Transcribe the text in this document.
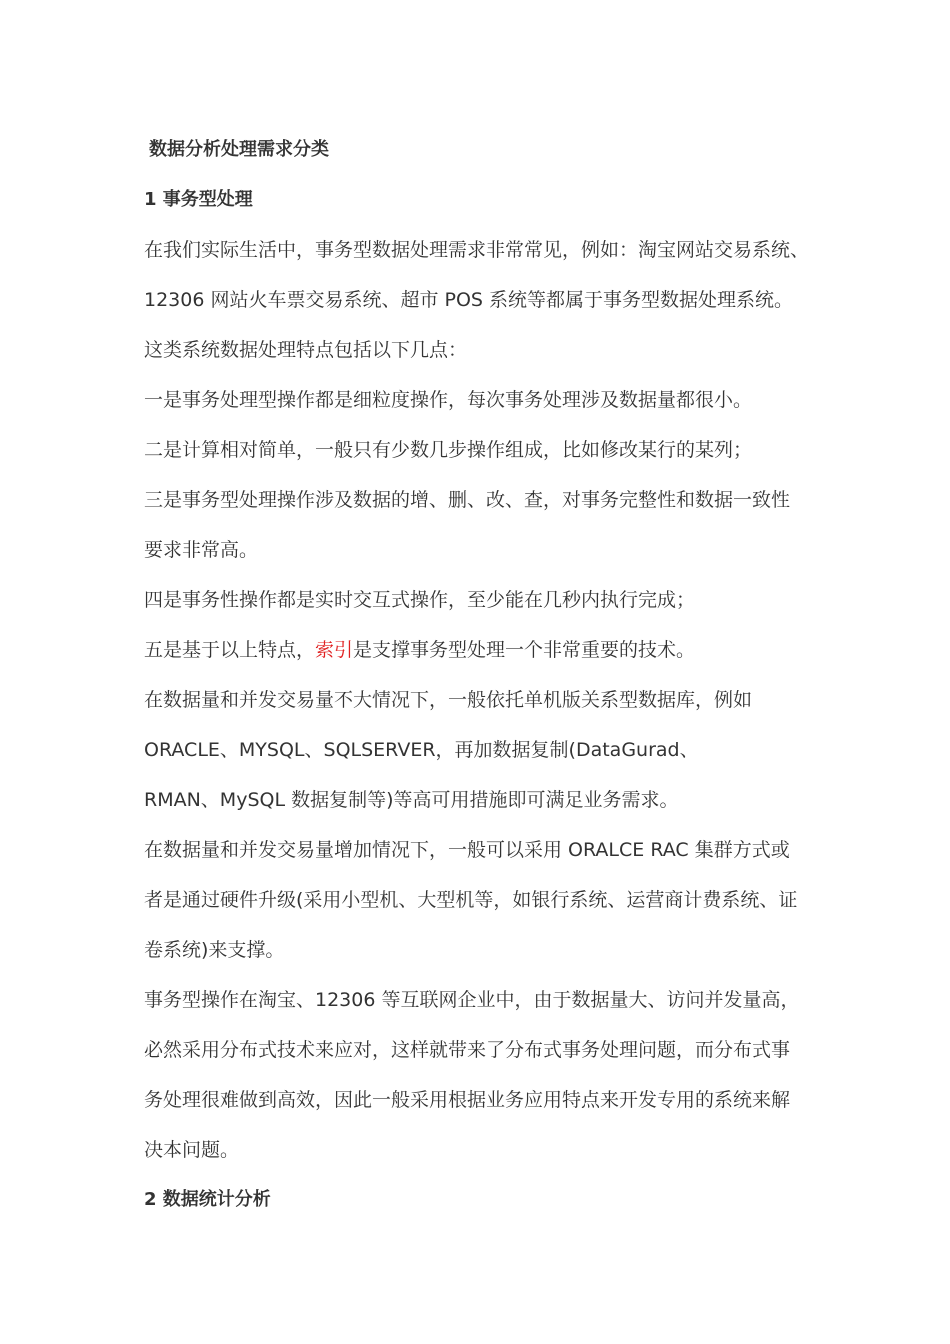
数据分析处理需求分类
1 事务型处理
在我们实际生活中，事务型数据处理需求非常常见，例如：淘宝网站交易系统、
12306 网站火车票交易系统、超市 POS 系统等都属于事务型数据处理系统。
这类系统数据处理特点包括以下几点：
一是事务处理型操作都是细粒度操作，每次事务处理涉及数据量都很小。
二是计算相对简单，一般只有少数几步操作组成，比如修改某行的某列；
三是事务型处理操作涉及数据的增、删、改、查，对事务完整性和数据一致性
要求非常高。
四是事务性操作都是实时交互式操作，至少能在几秒内执行完成；
五是基于以上特点，索引是支撑事务型处理一个非常重要的技术。
在数据量和并发交易量不大情况下，一般依托单机版关系型数据库，例如
ORACLE、MYSQL、SQLSERVER，再加数据复制(DataGurad、
RMAN、MySQL 数据复制等)等高可用措施即可满足业务需求。
在数据量和并发交易量增加情况下，一般可以采用 ORALCE RAC 集群方式或
者是通过硬件升级(采用小型机、大型机等，如银行系统、运营商计费系统、证
卷系统)来支撑。
事务型操作在淘宝、12306 等互联网企业中，由于数据量大、访问并发量高，
必然采用分布式技术来应对，这样就带来了分布式事务处理问题，而分布式事
务处理很难做到高效，因此一般采用根据业务应用特点来开发专用的系统来解
决本问题。
2 数据统计分析
